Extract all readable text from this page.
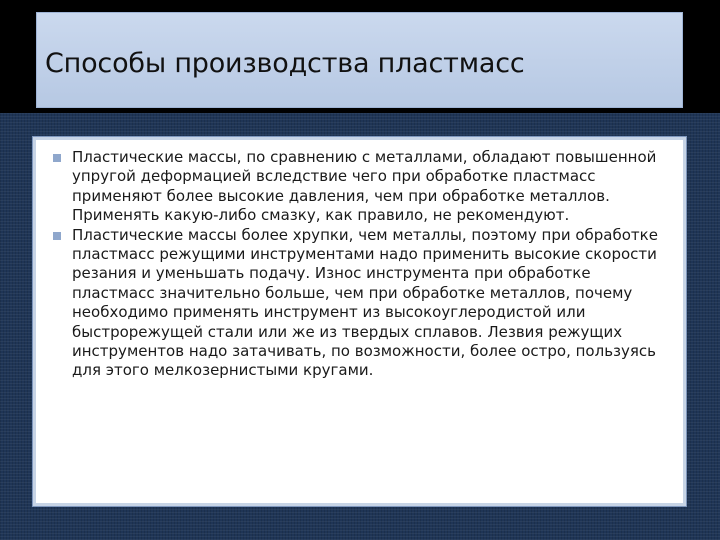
Способы производства пластмасс
Пластические массы, по сравнению с металлами, обладают повышенной упругой деформацией вследствие чего при обработке пластмасс применяют более высокие давления, чем при обработке металлов. Применять какую-либо смазку, как правило, не рекомендуют.
Пластические массы более хрупки, чем металлы, поэтому при обработке пластмасс режущими инструментами надо применить высокие скорости резания и уменьшать подачу. Износ инструмента при обработке пластмасс значительно больше, чем при обработке металлов, почему необходимо применять инструмент из высокоуглеродистой или быстрорежущей стали или же из твердых сплавов. Лезвия режущих инструментов надо затачивать, по возможности, более остро, пользуясь для этого мелкозернистыми кругами.
